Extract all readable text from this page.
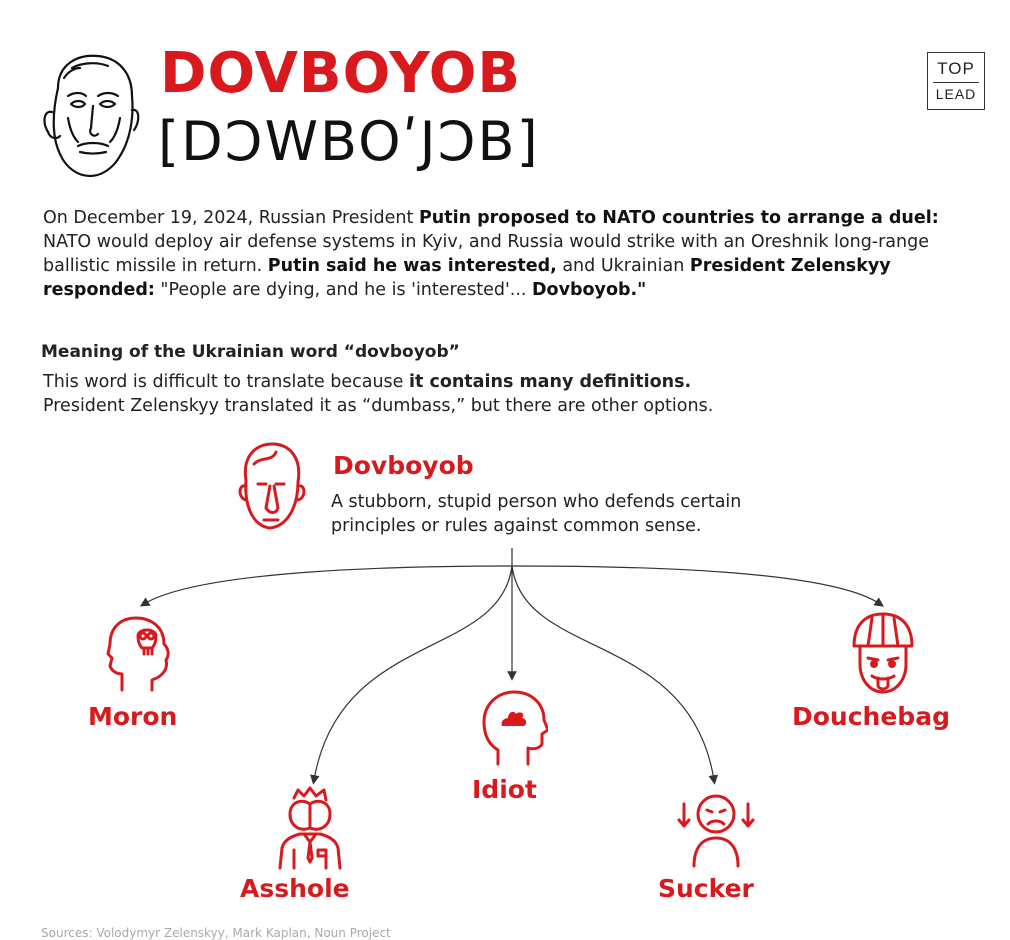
DOVBOYOB
[DƆWBOʹJƆB]
TOP
LEAD
On December 19, 2024, Russian President Putin proposed to NATO countries to arrange a duel: NATO would deploy air defense systems in Kyiv, and Russia would strike with an Oreshnik long-range ballistic missile in return. Putin said he was interested, and Ukrainian President Zelenskyy responded: "People are dying, and he is 'interested'... Dovboyob."
Meaning of the Ukrainian word “dovboyob”
This word is difficult to translate because it contains many definitions.
President Zelenskyy translated it as “dumbass,” but there are other options.
Dovboyob
A stubborn, stupid person who defends certain principles or rules against common sense.
Moron	Douchebag
Idiot
Asshole	Sucker
Sources: Volodymyr Zelenskyy, Mark Kaplan, Noun Project
